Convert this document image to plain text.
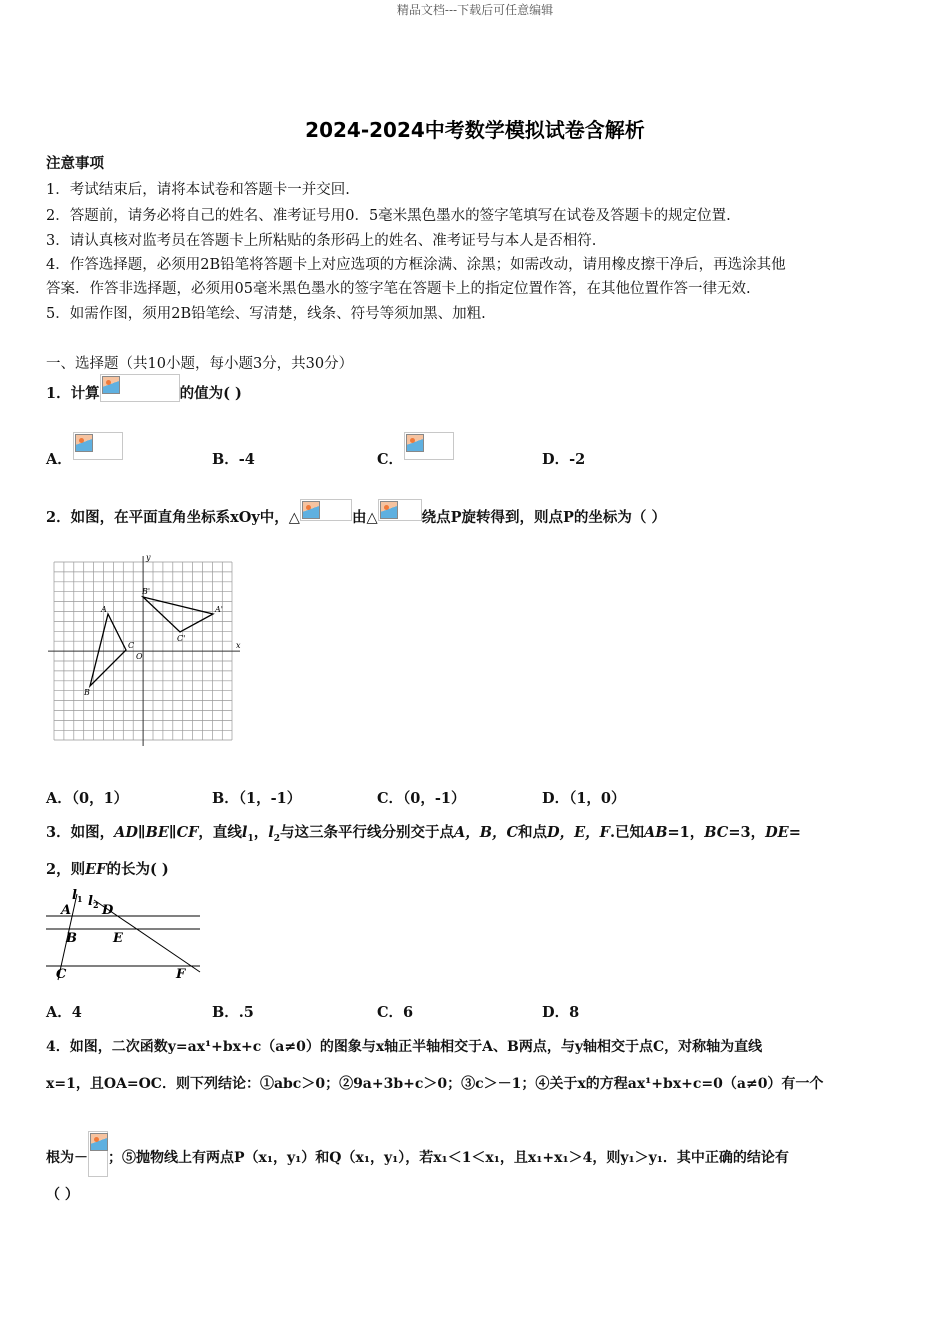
精品文档---下载后可任意编辑
2024-2024中考数学模拟试卷含解析
注意事项
1．考试结束后，请将本试卷和答题卡一并交回.
2．答题前，请务必将自己的姓名、准考证号用0．5毫米黑色墨水的签字笔填写在试卷及答题卡的规定位置.
3．请认真核对监考员在答题卡上所粘贴的条形码上的姓名、准考证号与本人是否相符.
4．作答选择题，必须用2B铅笔将答题卡上对应选项的方框涂满、涂黑；如需改动，请用橡皮擦干净后，再选涂其他
答案．作答非选择题，必须用05毫米黑色墨水的签字笔在答题卡上的指定位置作答，在其他位置作答一律无效.
5．如需作图，须用2B铅笔绘、写清楚，线条、符号等须加黑、加粗.
一、选择题（共10小题，每小题3分，共30分）
1．计算	的值为( )
A．	B．-4	C．	D．-2
2．如图，在平面直角坐标系xOy中，△	由△	绕点P旋转得到，则点P的坐标为（ ）
A
B
C
O
B'
A'
C'
x
y
A．（0，1）	B．（1，-1）	C．（0，-1）	D．（1，0）
3．如图，AD∥BE∥CF，直线$l_1$，$l_2$与这三条平行线分别交于点A，B，C和点D，E，F.已知AB=1，BC=3，DE=
2，则EF的长为( )
A
B
C
D
E
F
l l
1
2
A．4	B．.5	C．6	D．8
4．如图，二次函数y=ax¹+bx+c（a≠0）的图象与x轴正半轴相交于A、B两点，与y轴相交于点C，对称轴为直线
x=1，且OA=OC．则下列结论：①abc＞0；②9a+3b+c＞0；③c＞－1；④关于x的方程ax¹+bx+c=0（a≠0）有一个
根为－ ；⑤抛物线上有两点P（x₁，y₁）和Q（x₁，y₁），若x₁＜1＜x₁，且x₁+x₁＞4，则y₁＞y₁．其中正确的结论有
（ ）
